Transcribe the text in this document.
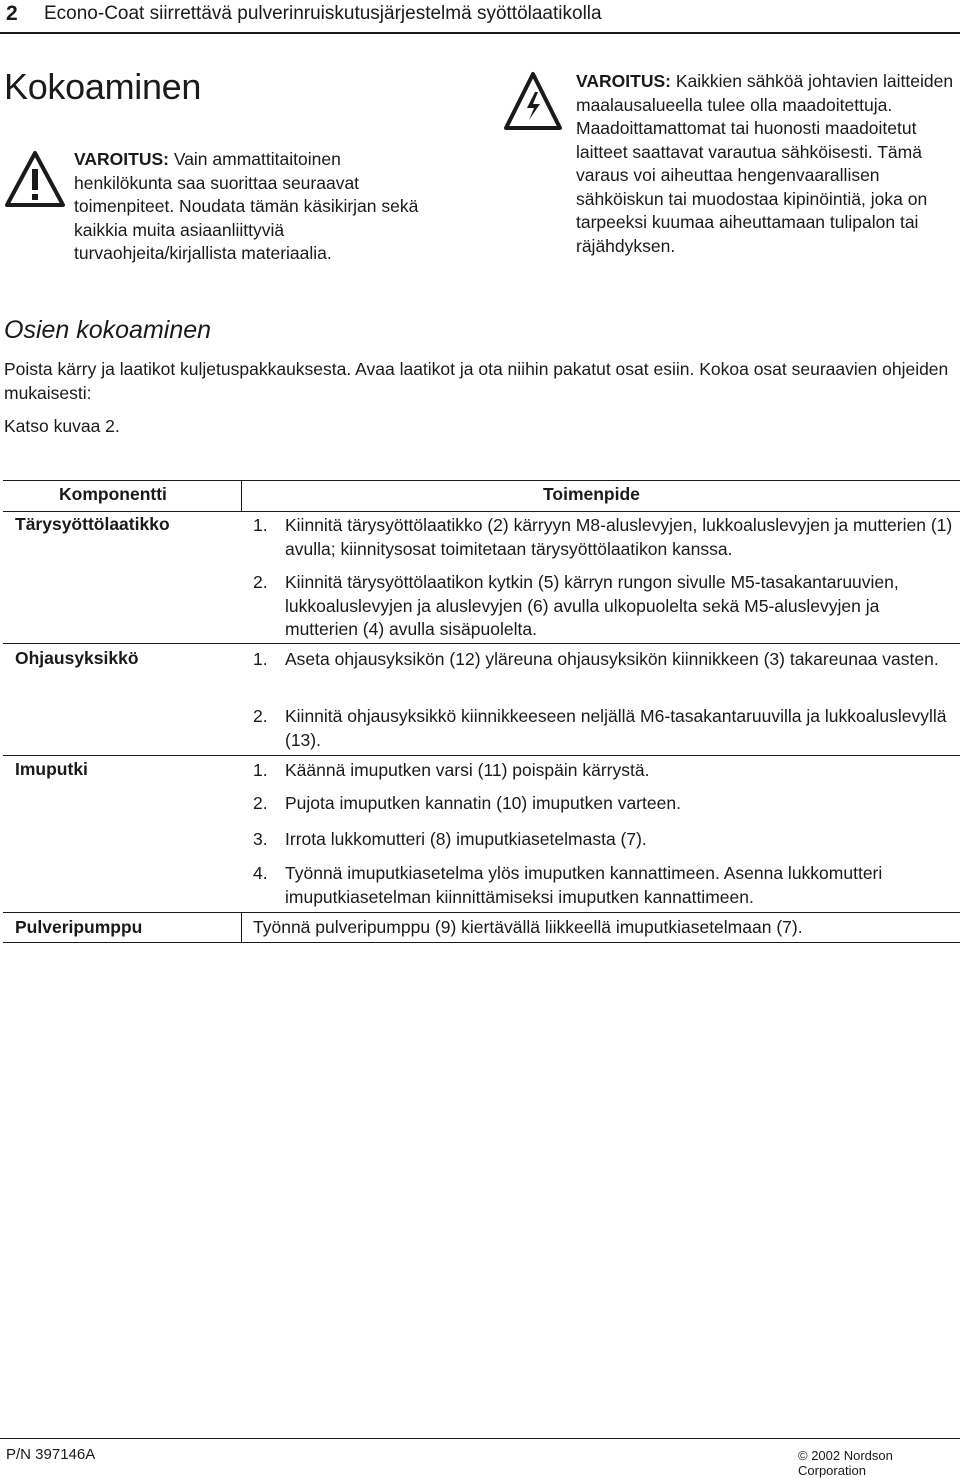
2 Econo-Coat siirrettävä pulverinruiskutusjärjestelmä syöttölaatikolla
Kokoaminen
VAROITUS: Vain ammattitaitoinen henkilökunta saa suorittaa seuraavat toimenpiteet. Noudata tämän käsikirjan sekä kaikkia muita asiaanliittyviä turvaohjeita/kirjallista materiaalia.
VAROITUS: Kaikkien sähköä johtavien laitteiden maalausalueella tulee olla maadoitettuja. Maadoittamattomat tai huonosti maadoitetut laitteet saattavat varautua sähköisesti. Tämä varaus voi aiheuttaa hengenvaarallisen sähköiskun tai muodostaa kipinöintiä, joka on tarpeeksi kuumaa aiheuttamaan tulipalon tai räjähdyksen.
Osien kokoaminen
Poista kärry ja laatikot kuljetuspakkauksesta. Avaa laatikot ja ota niihin pakatut osat esiin. Kokoa osat seuraavien ohjeiden mukaisesti:
Katso kuvaa 2.
Komponentti	Toimenpide
Tärysyöttölaatikko	1. Kiinnitä tärysyöttölaatikko (2) kärryyn M8-aluslevyjen, lukkoaluslevyjen ja mutterien (1) avulla; kiinnitysosat toimitetaan tärysyöttölaatikon kanssa.
2. Kiinnitä tärysyöttölaatikon kytkin (5) kärryn rungon sivulle M5-tasakantaruuvien, lukkoaluslevyjen ja aluslevyjen (6) avulla ulkopuolelta sekä M5-aluslevyjen ja mutterien (4) avulla sisäpuolelta.
Ohjausyksikkö	1. Aseta ohjausyksikön (12) yläreuna ohjausyksikön kiinnikkeen (3) takareunaa vasten.
2. Kiinnitä ohjausyksikkö kiinnikkeeseen neljällä M6-tasakantaruuvilla ja lukkoaluslevyllä (13).
Imuputki	1. Käännä imuputken varsi (11) poispäin kärrystä.
2. Pujota imuputken kannatin (10) imuputken varteen.
3. Irrota lukkomutteri (8) imuputkiasetelmasta (7).
4. Työnnä imuputkiasetelma ylös imuputken kannattimeen. Asenna lukkomutteri imuputkiasetelman kiinnittämiseksi imuputken kannattimeen.
Pulveripumppu	Työnnä pulveripumppu (9) kiertävällä liikkeellä imuputkiasetelmaan (7).
P/N 397146A	© 2002 Nordson Corporation
